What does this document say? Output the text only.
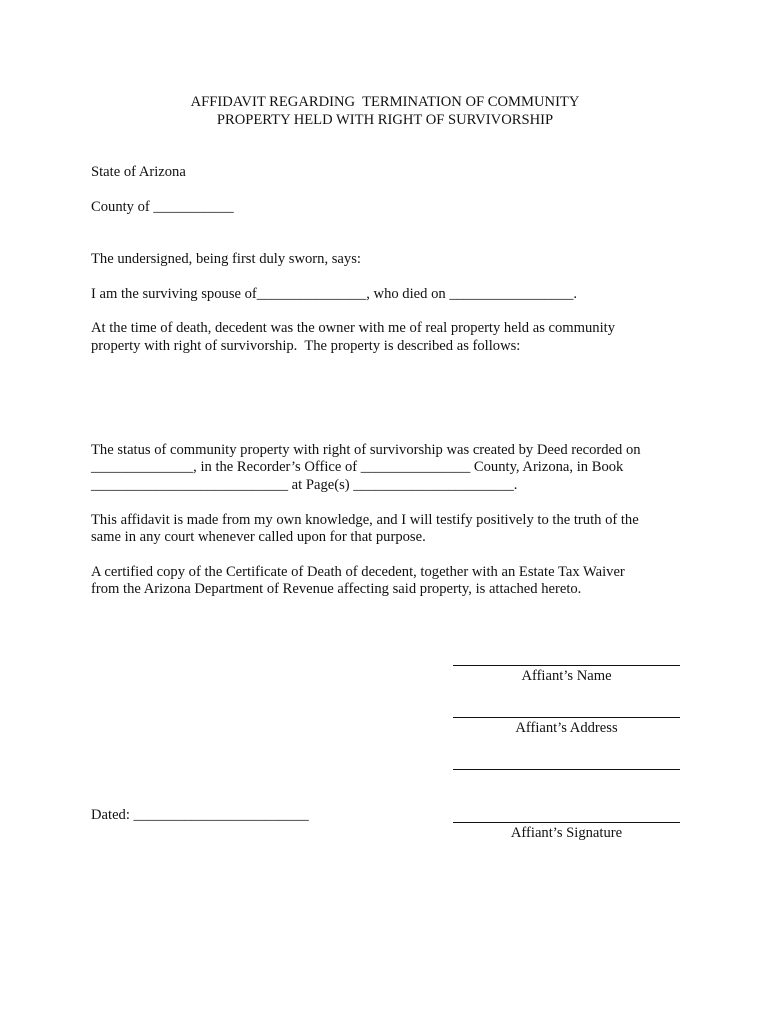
AFFIDAVIT REGARDING  TERMINATION OF COMMUNITY
PROPERTY HELD WITH RIGHT OF SURVIVORSHIP
State of Arizona
County of ___________
The undersigned, being first duly sworn, says:
I am the surviving spouse of_______________, who died on _________________.
At the time of death, decedent was the owner with me of real property held as community
property with right of survivorship.  The property is described as follows:
The status of community property with right of survivorship was created by Deed recorded on
______________, in the Recorder’s Office of _______________ County, Arizona, in Book
___________________________ at Page(s) ______________________.
This affidavit is made from my own knowledge, and I will testify positively to the truth of the
same in any court whenever called upon for that purpose.
A certified copy of the Certificate of Death of decedent, together with an Estate Tax Waiver
from the Arizona Department of Revenue affecting said property, is attached hereto.
Affiant’s Name
Affiant’s Address
Dated: ________________________
Affiant’s Signature
